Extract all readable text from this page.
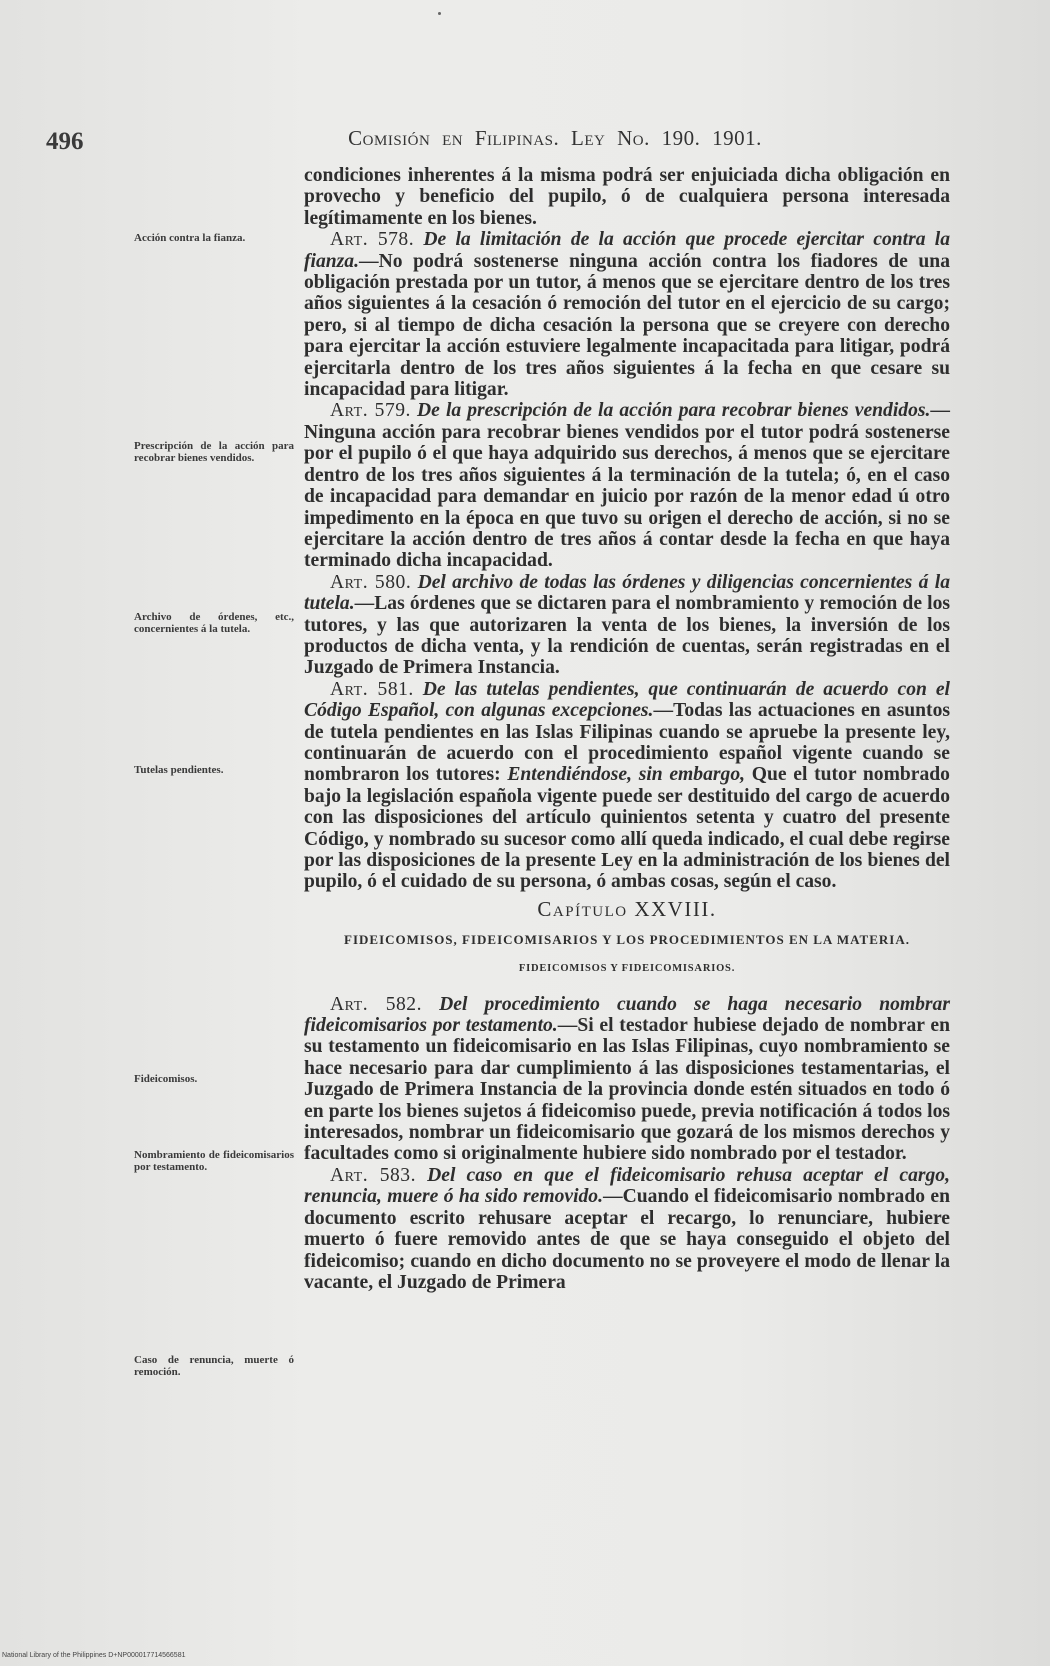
496	Comisión en Filipinas. Ley No. 190. 1901.
Acción contra la fianza.
Prescripción de la acción para recobrar bienes vendidos.
Archivo de órdenes, etc., concernientes á la tutela.
Tutelas pendientes.
Fideicomisos.
Nombramiento de fideicomisarios por testamento.
Caso de renuncia, muerte ó remoción.

condiciones inherentes á la misma podrá ser enjuiciada dicha obligación en provecho y beneficio del pupilo, ó de cualquiera persona interesada legítimamente en los bienes.

Art. 578. De la limitación de la acción que procede ejercitar contra la fianza.—No podrá sostenerse ninguna acción contra los fiadores de una obligación prestada por un tutor, á menos que se ejercitare dentro de los tres años siguientes á la cesación ó remoción del tutor en el ejercicio de su cargo; pero, si al tiempo de dicha cesación la persona que se creyere con derecho para ejercitar la acción estuviere legalmente incapacitada para litigar, podrá ejercitarla dentro de los tres años siguientes á la fecha en que cesare su incapacidad para litigar.

Art. 579. De la prescripción de la acción para recobrar bienes vendidos.—Ninguna acción para recobrar bienes vendidos por el tutor podrá sostenerse por el pupilo ó el que haya adquirido sus derechos, á menos que se ejercitare dentro de los tres años siguientes á la terminación de la tutela; ó, en el caso de incapacidad para demandar en juicio por razón de la menor edad ú otro impedimento en la época en que tuvo su origen el derecho de acción, si no se ejercitare la acción dentro de tres años á contar desde la fecha en que haya terminado dicha incapacidad.

Art. 580. Del archivo de todas las órdenes y diligencias concernientes á la tutela.—Las órdenes que se dictaren para el nombramiento y remoción de los tutores, y las que autorizaren la venta de los bienes, la inversión de los productos de dicha venta, y la rendición de cuentas, serán registradas en el Juzgado de Primera Instancia.

Art. 581. De las tutelas pendientes, que continuarán de acuerdo con el Código Español, con algunas excepciones.—Todas las actuaciones en asuntos de tutela pendientes en las Islas Filipinas cuando se apruebe la presente ley, continuarán de acuerdo con el procedimiento español vigente cuando se nombraron los tutores: Entendiéndose, sin embargo, Que el tutor nombrado bajo la legislación española vigente puede ser destituido del cargo de acuerdo con las disposiciones del artículo quinientos setenta y cuatro del presente Código, y nombrado su sucesor como allí queda indicado, el cual debe regirse por las disposiciones de la presente Ley en la administración de los bienes del pupilo, ó el cuidado de su persona, ó ambas cosas, según el caso.

Capítulo XXVIII.

FIDEICOMISOS, FIDEICOMISARIOS Y LOS PROCEDIMIENTOS EN LA MATERIA.

FIDEICOMISOS Y FIDEICOMISARIOS.

Art. 582. Del procedimiento cuando se haga necesario nombrar fideicomisarios por testamento.—Si el testador hubiese dejado de nombrar en su testamento un fideicomisario en las Islas Filipinas, cuyo nombramiento se hace necesario para dar cumplimiento á las disposiciones testamentarias, el Juzgado de Primera Instancia de la provincia donde estén situados en todo ó en parte los bienes sujetos á fideicomiso puede, previa notificación á todos los interesados, nombrar un fideicomisario que gozará de los mismos derechos y facultades como si originalmente hubiere sido nombrado por el testador.

Art. 583. Del caso en que el fideicomisario rehusa aceptar el cargo, renuncia, muere ó ha sido removido.—Cuando el fideicomisario nombrado en documento escrito rehusare aceptar el recargo, lo renunciare, hubiere muerto ó fuere removido antes de que se haya conseguido el objeto del fideicomiso; cuando en dicho documento no se proveyere el modo de llenar la vacante, el Juzgado de Primera

National Library of the Philippines D+NP000017714566581
